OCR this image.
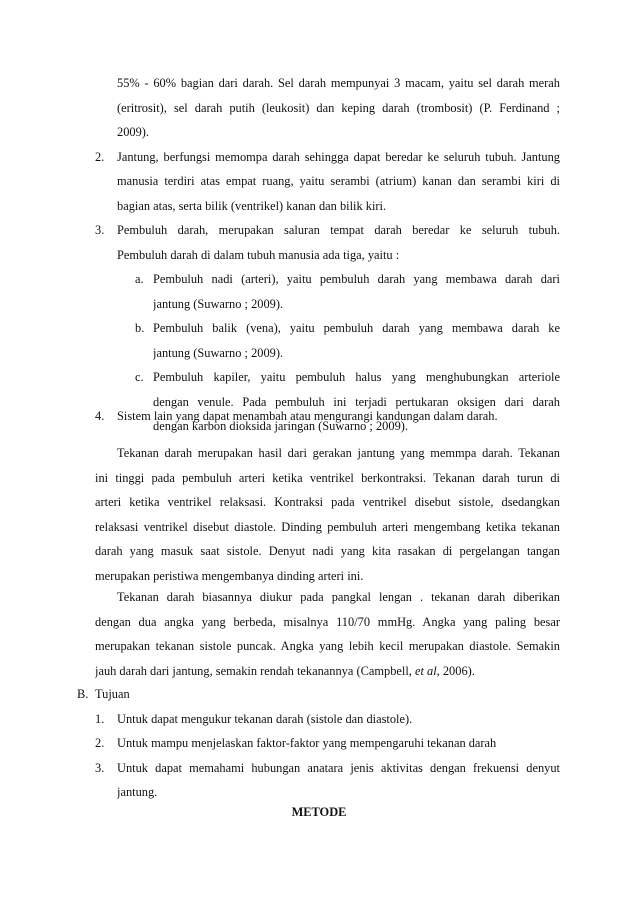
55% - 60% bagian dari darah. Sel darah mempunyai 3 macam, yaitu sel darah merah
(eritrosit), sel darah putih (leukosit) dan keping darah (trombosit) (P. Ferdinand ;
2009).
2. Jantung, berfungsi memompa darah sehingga dapat beredar ke seluruh tubuh. Jantung
manusia terdiri atas empat ruang, yaitu serambi (atrium) kanan dan serambi kiri di
bagian atas, serta bilik (ventrikel) kanan dan bilik kiri.
3. Pembuluh darah, merupakan saluran tempat darah beredar ke seluruh tubuh.
Pembuluh darah di dalam tubuh manusia ada tiga, yaitu :
a. Pembuluh nadi (arteri), yaitu pembuluh darah yang membawa darah dari
jantung (Suwarno ; 2009).
b. Pembuluh balik (vena), yaitu pembuluh darah yang membawa darah ke
jantung (Suwarno ; 2009).
c. Pembuluh kapiler, yaitu pembuluh halus yang menghubungkan arteriole
dengan venule. Pada pembuluh ini terjadi pertukaran oksigen dari darah
dengan karbon dioksida jaringan (Suwarno ; 2009).
4. Sistem lain yang dapat menambah atau mengurangi kandungan dalam darah.
Tekanan darah merupakan hasil dari gerakan jantung yang memmpa darah. Tekanan
ini tinggi pada pembuluh arteri ketika ventrikel berkontraksi. Tekanan darah turun di
arteri ketika ventrikel relaksasi. Kontraksi pada ventrikel disebut sistole, dsedangkan
relaksasi ventrikel disebut diastole. Dinding pembuluh arteri mengembang ketika tekanan
darah yang masuk saat sistole. Denyut nadi yang kita rasakan di pergelangan tangan
merupakan peristiwa mengembanya dinding arteri ini.
Tekanan darah biasannya diukur pada pangkal lengan . tekanan darah diberikan
dengan dua angka yang berbeda, misalnya 110/70 mmHg. Angka yang paling besar
merupakan tekanan sistole puncak. Angka yang lebih kecil merupakan diastole. Semakin
jauh darah dari jantung, semakin rendah tekanannya (Campbell, et al, 2006).
B. Tujuan
1. Untuk dapat mengukur tekanan darah (sistole dan diastole).
2. Untuk mampu menjelaskan faktor-faktor yang mempengaruhi tekanan darah
3. Untuk dapat memahami hubungan anatara jenis aktivitas dengan frekuensi denyut
jantung.
METODE
